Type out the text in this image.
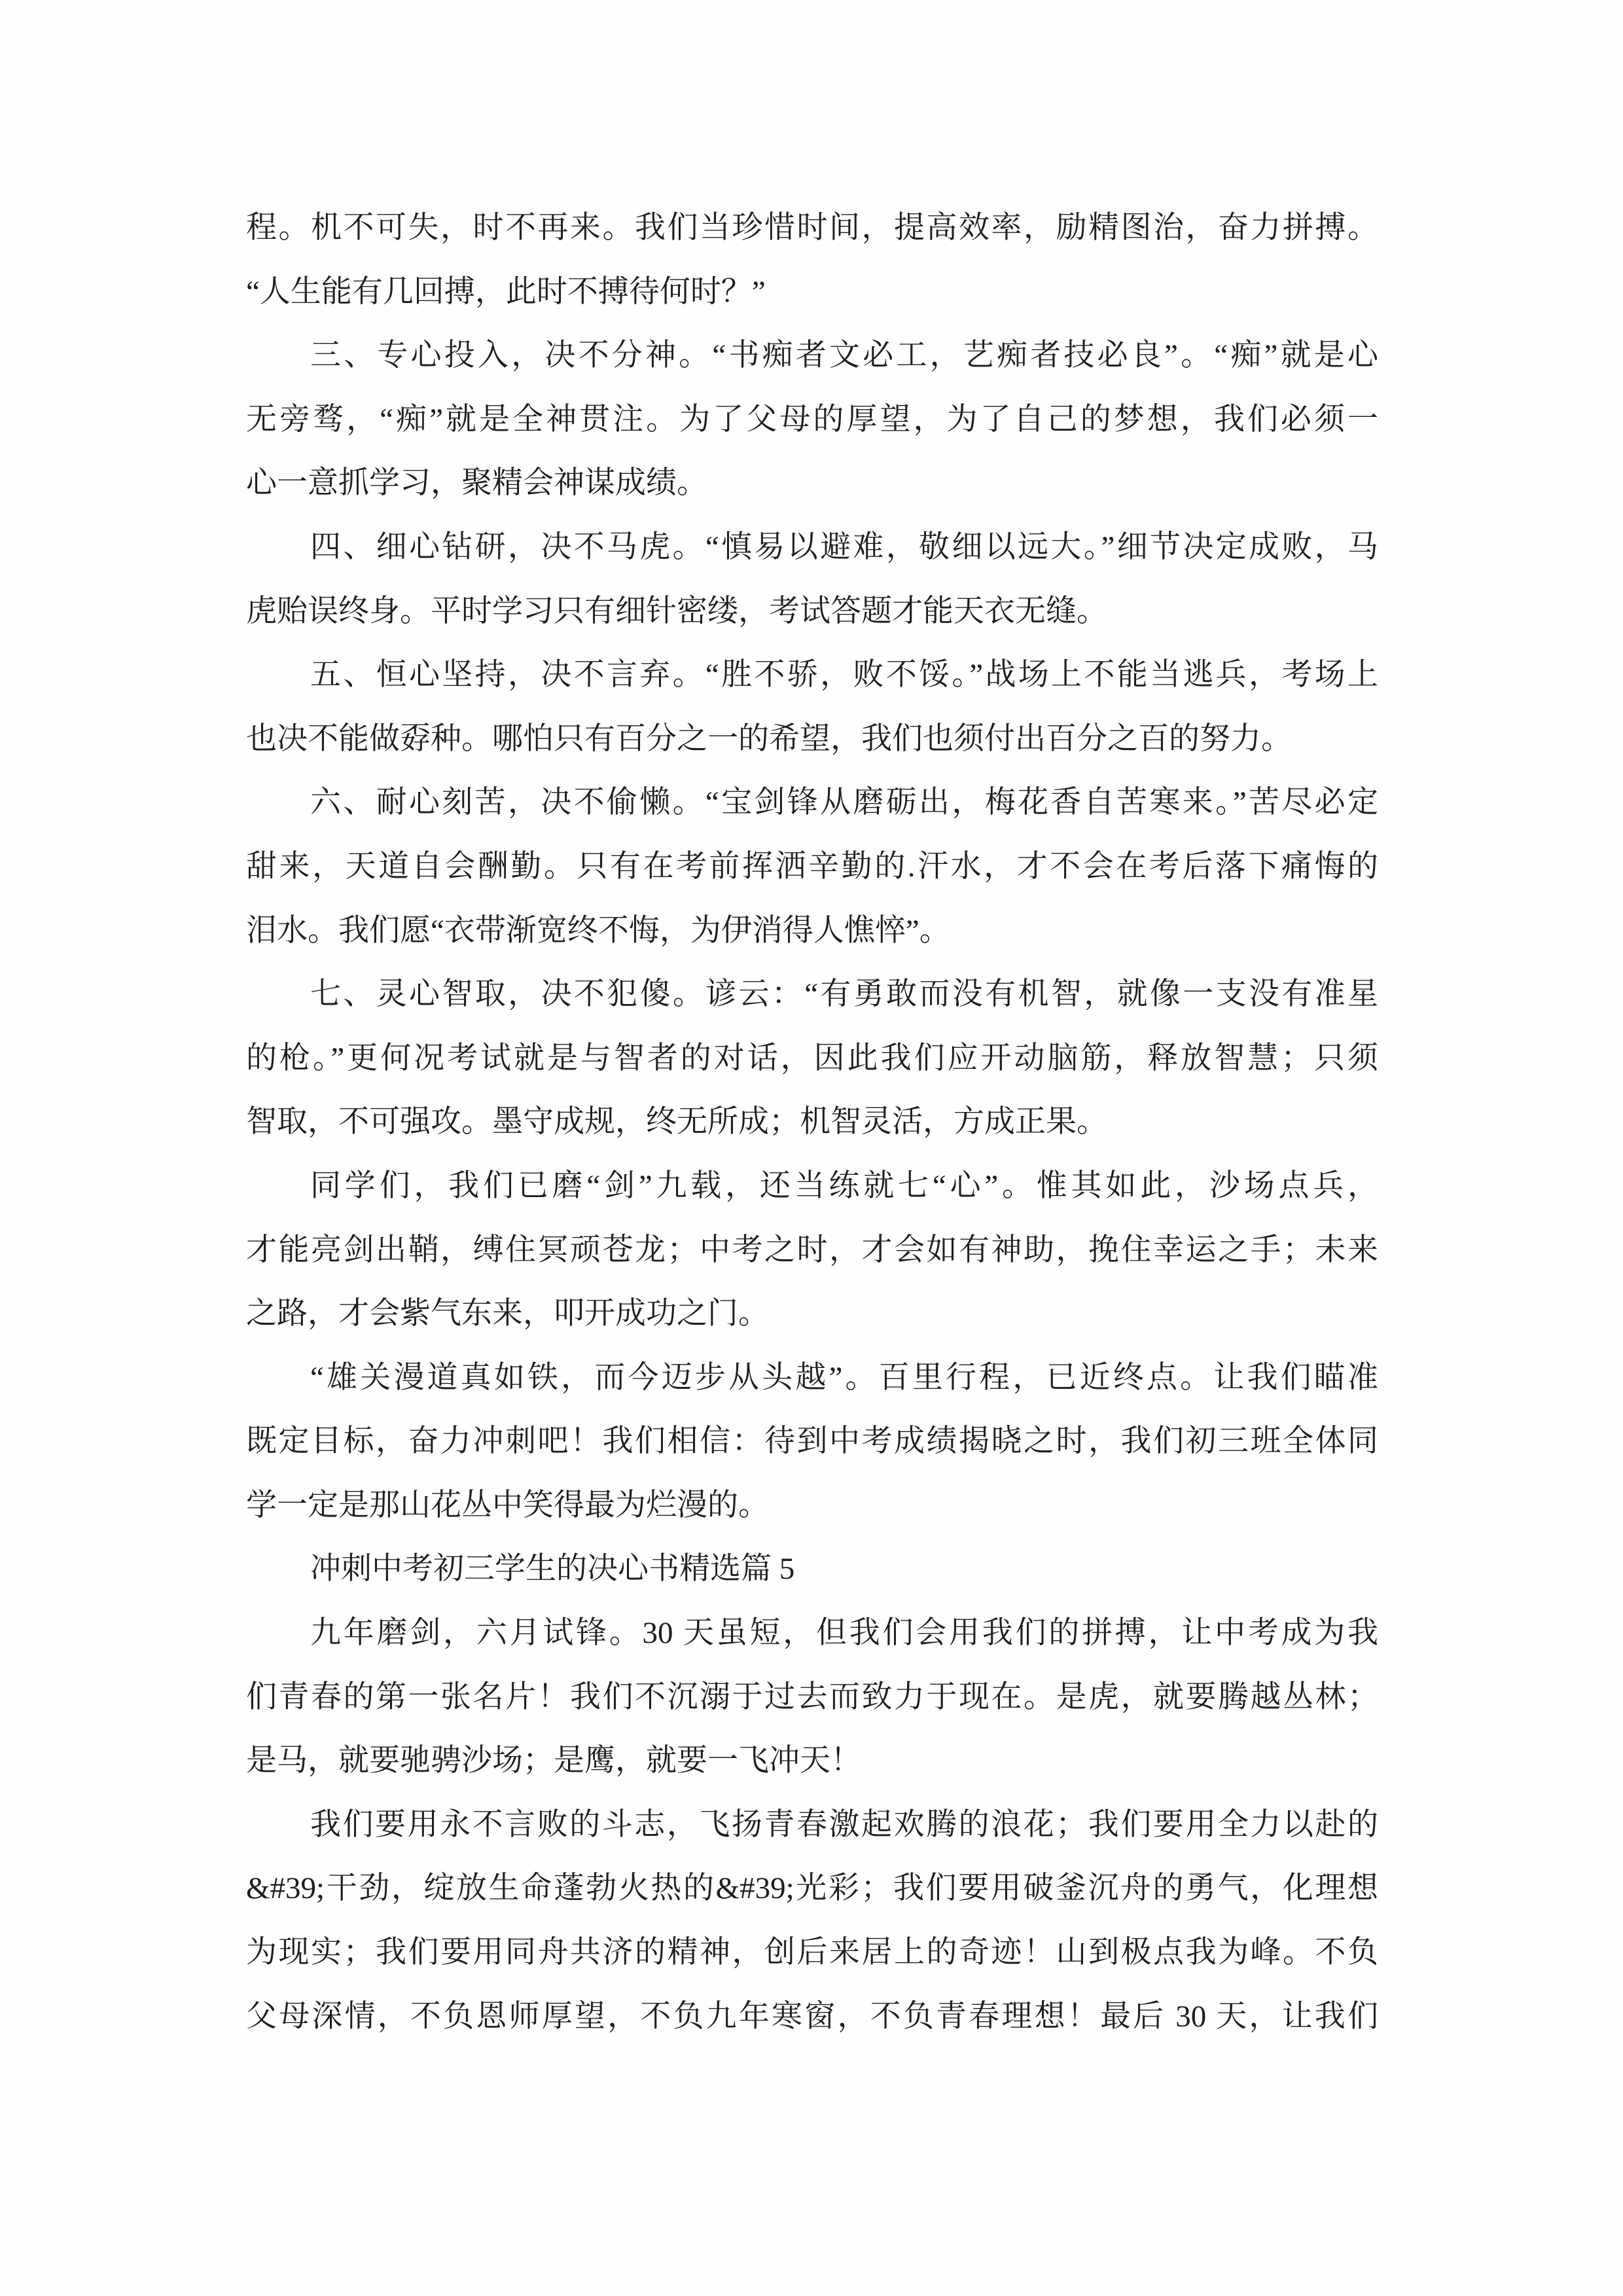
程。机不可失，时不再来。我们当珍惜时间，提高效率，励精图治，奋力拼搏。
“人生能有几回搏，此时不搏待何时？”
三、专心投入，决不分神。“书痴者文必工，艺痴者技必良”。“痴”就是心
无旁骛，“痴”就是全神贯注。为了父母的厚望，为了自己的梦想，我们必须一
心一意抓学习，聚精会神谋成绩。
四、细心钻研，决不马虎。“慎易以避难，敬细以远大。”细节决定成败，马
虎贻误终身。平时学习只有细针密缕，考试答题才能天衣无缝。
五、恒心坚持，决不言弃。“胜不骄，败不馁。”战场上不能当逃兵，考场上
也决不能做孬种。哪怕只有百分之一的希望，我们也须付出百分之百的努力。
六、耐心刻苦，决不偷懒。“宝剑锋从磨砺出，梅花香自苦寒来。”苦尽必定
甜来，天道自会酬勤。只有在考前挥洒辛勤的.汗水，才不会在考后落下痛悔的
泪水。我们愿“衣带渐宽终不悔，为伊消得人憔悴”。
七、灵心智取，决不犯傻。谚云：“有勇敢而没有机智，就像一支没有准星
的枪。”更何况考试就是与智者的对话，因此我们应开动脑筋，释放智慧；只须
智取，不可强攻。墨守成规，终无所成；机智灵活，方成正果。
同学们，我们已磨“剑”九载，还当练就七“心”。惟其如此，沙场点兵，
才能亮剑出鞘，缚住冥顽苍龙；中考之时，才会如有神助，挽住幸运之手；未来
之路，才会紫气东来，叩开成功之门。
“雄关漫道真如铁，而今迈步从头越”。百里行程，已近终点。让我们瞄准
既定目标，奋力冲刺吧！我们相信：待到中考成绩揭晓之时，我们初三班全体同
学一定是那山花丛中笑得最为烂漫的。
冲刺中考初三学生的决心书精选篇 5
九年磨剑，六月试锋。30 天虽短，但我们会用我们的拼搏，让中考成为我
们青春的第一张名片！我们不沉溺于过去而致力于现在。是虎，就要腾越丛林；
是马，就要驰骋沙场；是鹰，就要一飞冲天！
我们要用永不言败的斗志，飞扬青春激起欢腾的浪花；我们要用全力以赴的
&#39;干劲，绽放生命蓬勃火热的&#39;光彩；我们要用破釜沉舟的勇气，化理想
为现实；我们要用同舟共济的精神，创后来居上的奇迹！山到极点我为峰。不负
父母深情，不负恩师厚望，不负九年寒窗，不负青春理想！最后 30 天，让我们
